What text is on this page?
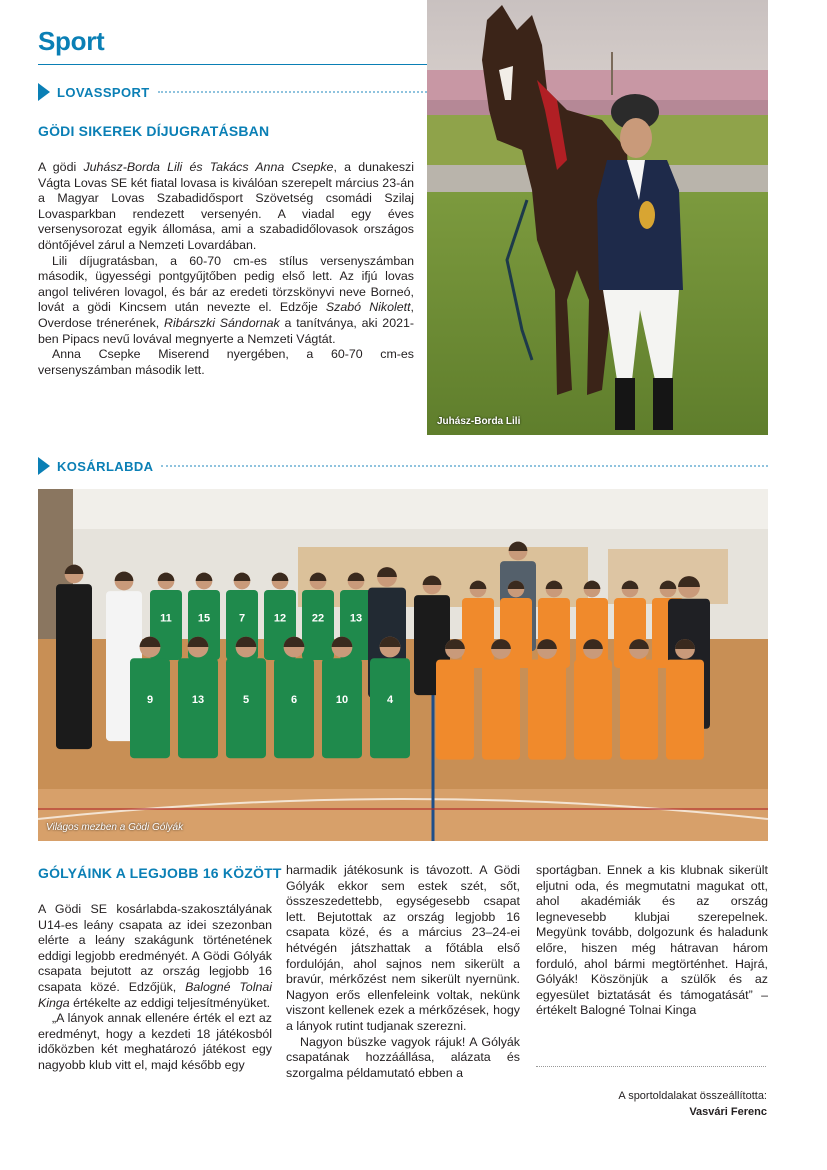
Sport
LOVASSPORT
GÖDI SIKEREK DÍJUGRATÁSBAN

A gödi Juhász-Borda Lili és Takács Anna Csepke, a dunakeszi Vágta Lovas SE két fiatal lovasa is kiválóan szerepelt március 23-án a Magyar Lovas Szabadidősport Szövetség csomádi Szilaj Lovasparkban rendezett versenyén. A viadal egy éves versenysorozat egyik állomása, ami a szabadidőlovasok országos döntőjével zárul a Nemzeti Lovardában.

Lili díjugratásban, a 60-70 cm-es stílus versenyszámban második, ügyességi pontgyűjtőben pedig első lett. Az ifjú lovas angol telivéren lovagol, és bár az eredeti törzskönyvi neve Borneó, lovát a gödi Kincsem után nevezte el. Edzője Szabó Nikolett, Overdose trénerének, Ribárszki Sándornak a tanítványa, aki 2021-ben Pipacs nevű lovával megnyerte a Nemzeti Vágtát.

Anna Csepke Miserend nyergében, a 60-70 cm-es versenyszámban második lett.

Juhász-Borda Lili
KOSÁRLABDA
11 15	7	12 22 13
9	13	5	6	10	4
Világos mezben a Gödi Gólyák
GÓLYÁINK A LEGJOBB 16 KÖZÖTT

A Gödi SE kosárlabda-szakosztályának U14-es leány csapata az idei szezonban elérte a leány szakágunk történetének eddigi legjobb eredményét. A Gödi Gólyák csapata bejutott az ország legjobb 16 csapata közé. Edzőjük, Balogné Tolnai Kinga értékelte az eddigi teljesítményüket.

„A lányok annak ellenére érték el ezt az eredményt, hogy a kezdeti 18 játékosból időközben két meghatározó játékost egy nagyobb klub vitt el, majd később egy

harmadik játékosunk is távozott. A Gödi Gólyák ekkor sem estek szét, sőt, összeszedettebb, egységesebb csapat lett. Bejutottak az ország legjobb 16 csapata közé, és a március 23–24-ei hétvégén játszhattak a főtábla első fordulóján, ahol sajnos nem sikerült a bravúr, mérkőzést nem sikerült nyernünk. Nagyon erős ellenfeleink voltak, nekünk viszont kellenek ezek a mérkőzések, hogy a lányok rutint tudjanak szerezni.

Nagyon büszke vagyok rájuk! A Gólyák csapatának hozzáállása, alázata és szorgalma példamutató ebben a

sportágban. Ennek a kis klubnak sikerült eljutni oda, és megmutatni magukat ott, ahol akadémiák és az ország legnevesebb klubjai szerepelnek. Megyünk tovább, dolgozunk és haladunk előre, hiszen még hátravan három forduló, ahol bármi megtörténhet. Hajrá, Gólyák! Köszönjük a szülők és az egyesület biztatását és támogatását” – értékelt Balogné Tolnai Kinga

A sportoldalakat összeállította:
Vasvári Ferenc
